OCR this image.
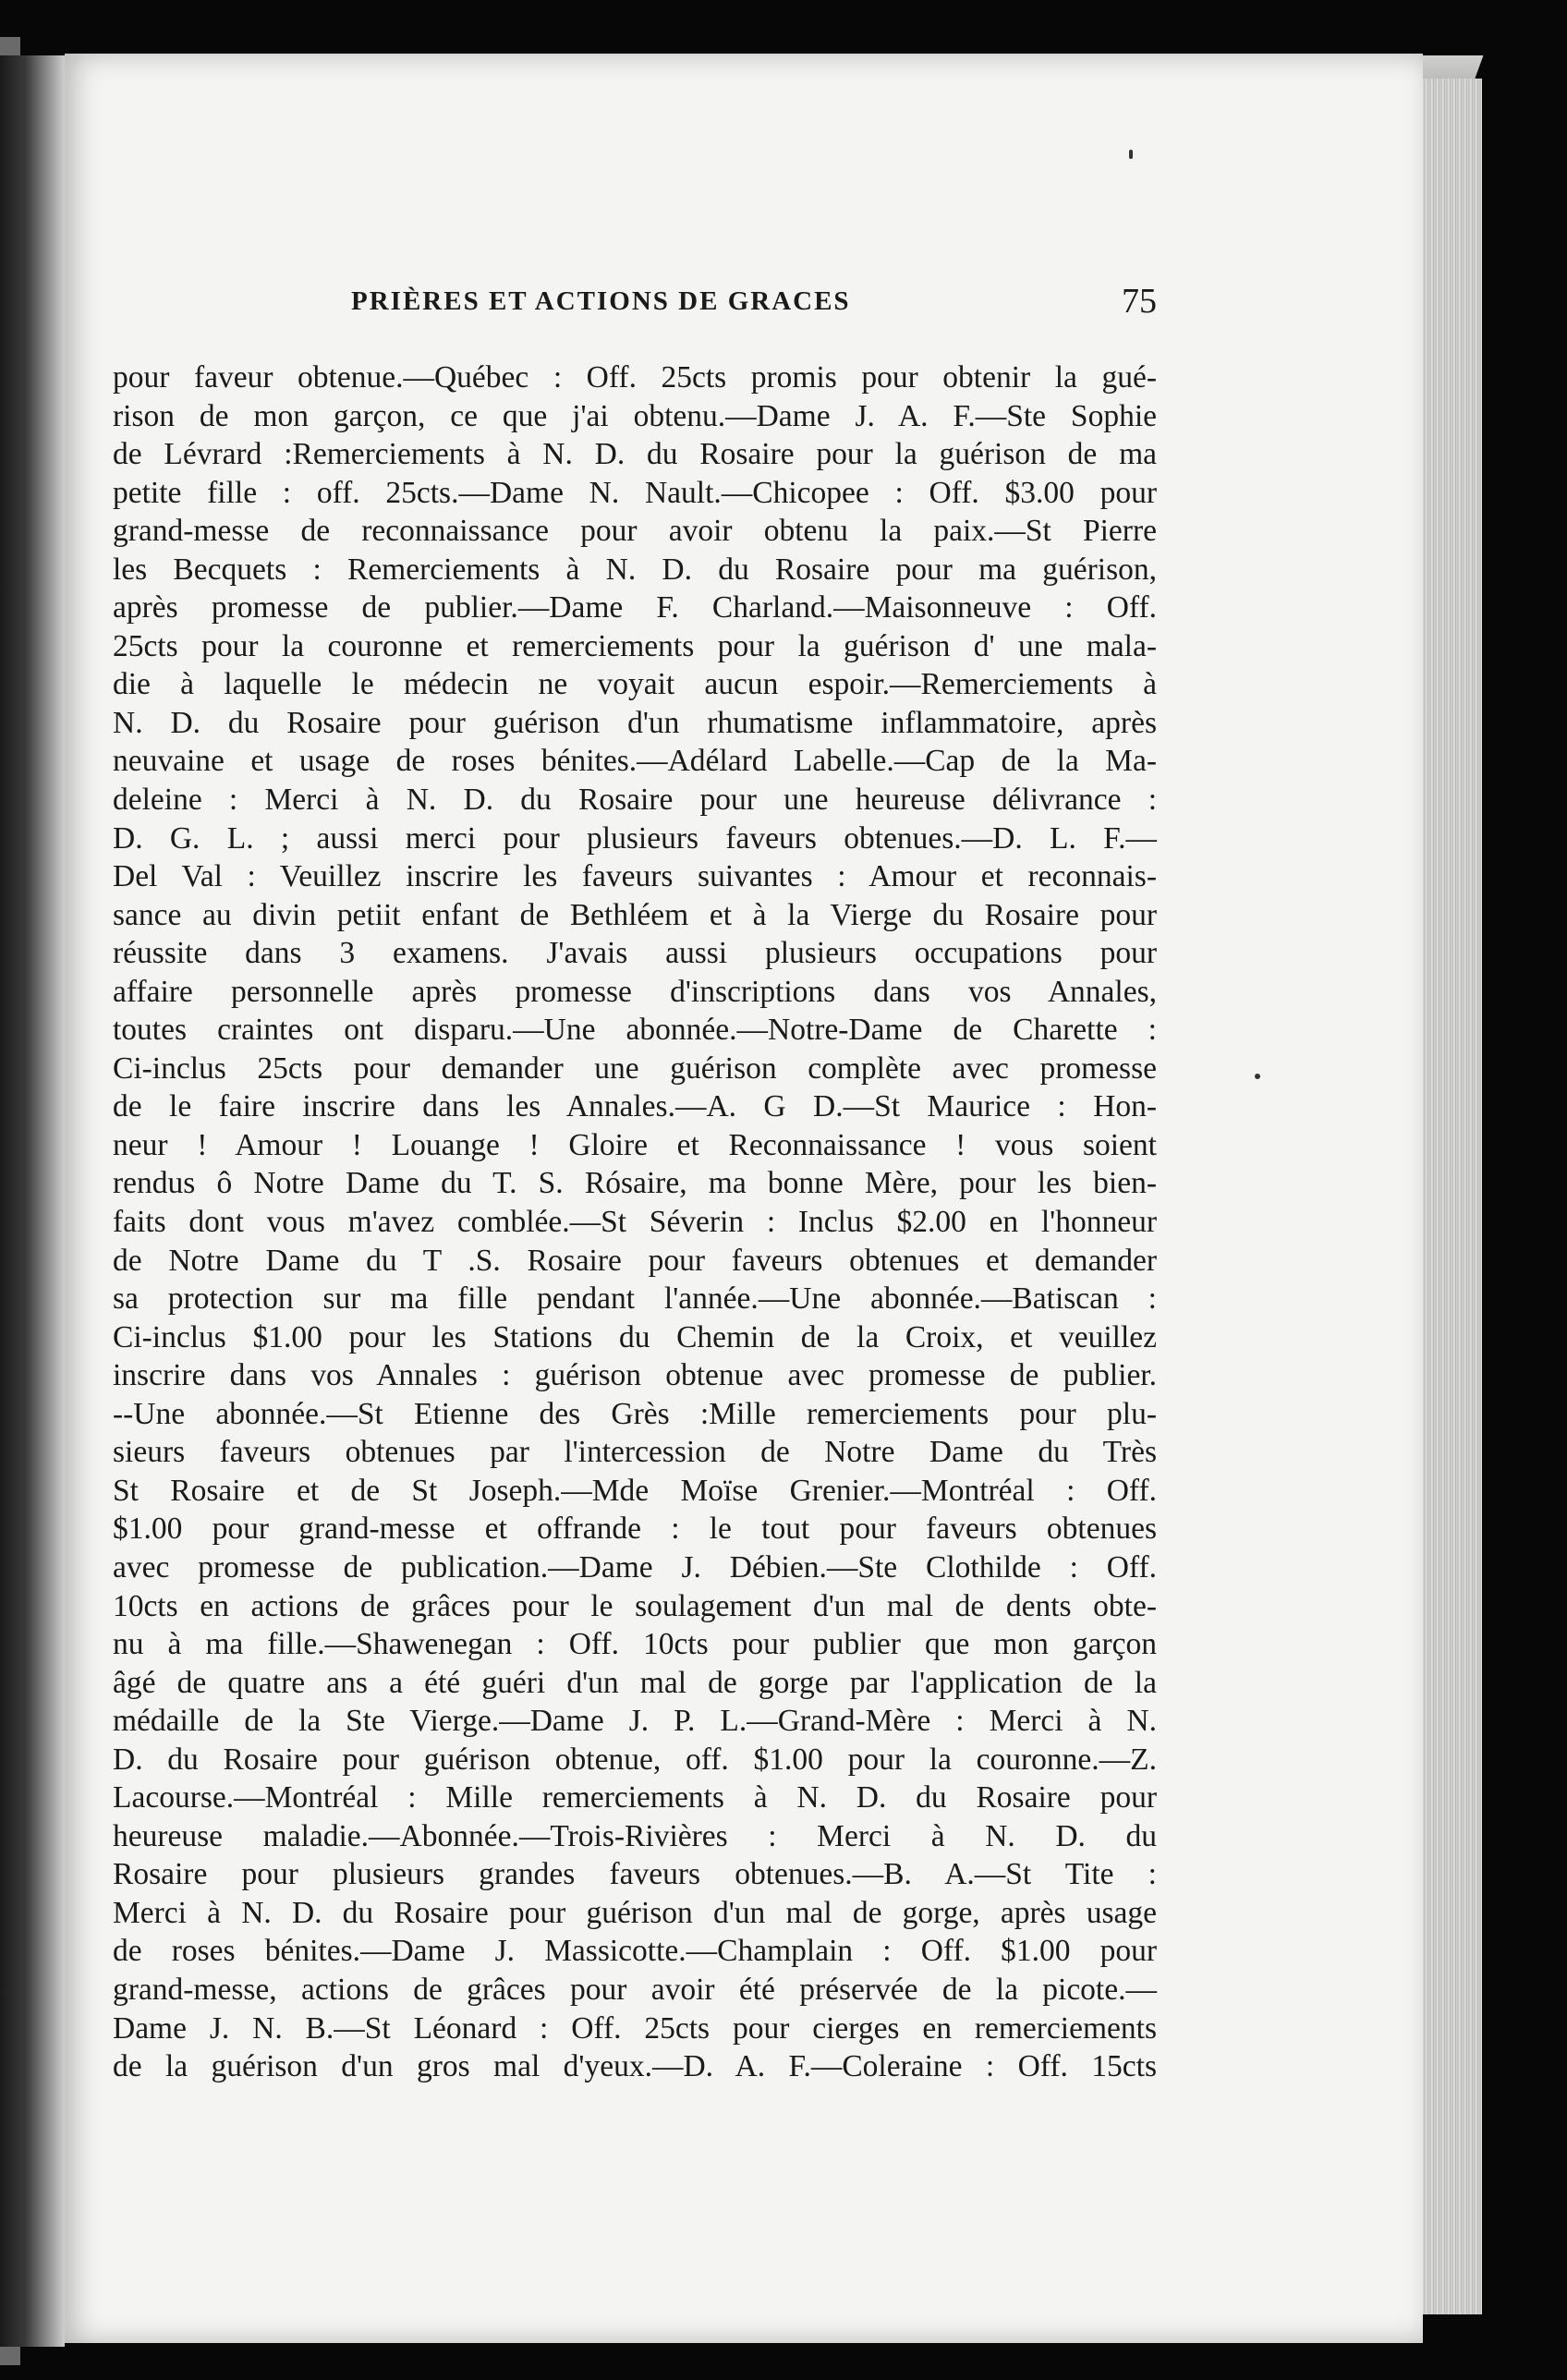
PRIÈRES ET ACTIONS DE GRACES	75
pour faveur obtenue.—Québec : Off. 25cts promis pour obtenir la gué-
rison de mon garçon, ce que j'ai obtenu.—Dame J. A. F.—Ste Sophie
de Lévrard :Remerciements à N. D. du Rosaire pour la guérison de ma
petite fille : off. 25cts.—Dame N. Nault.—Chicopee : Off. $3.00 pour
grand-messe de reconnaissance pour avoir obtenu la paix.—St Pierre
les Becquets : Remerciements à N. D. du Rosaire pour ma guérison,
après promesse de publier.—Dame F. Charland.—Maisonneuve : Off.
25cts pour la couronne et remerciements pour la guérison d' une mala-
die à laquelle le médecin ne voyait aucun espoir.—Remerciements à
N. D. du Rosaire pour guérison d'un rhumatisme inflammatoire, après
neuvaine et usage de roses bénites.—Adélard Labelle.—Cap de la Ma-
deleine : Merci à N. D. du Rosaire pour une heureuse délivrance :
D. G. L. ; aussi merci pour plusieurs faveurs obtenues.—D. L. F.—
Del Val : Veuillez inscrire les faveurs suivantes : Amour et reconnais-
sance au divin petiit enfant de Bethléem et à la Vierge du Rosaire pour
réussite dans 3 examens. J'avais aussi plusieurs occupations pour
affaire personnelle après promesse d'inscriptions dans vos Annales,
toutes craintes ont disparu.—Une abonnée.—Notre-Dame de Charette :
Ci-inclus 25cts pour demander une guérison complète avec promesse
de le faire inscrire dans les Annales.—A. G D.—St Maurice : Hon-
neur ! Amour ! Louange ! Gloire et Reconnaissance ! vous soient
rendus ô Notre Dame du T. S. Rósaire, ma bonne Mère, pour les bien-
faits dont vous m'avez comblée.—St Séverin : Inclus $2.00 en l'honneur
de Notre Dame du T .S. Rosaire pour faveurs obtenues et demander
sa protection sur ma fille pendant l'année.—Une abonnée.—Batiscan :
Ci-inclus $1.00 pour les Stations du Chemin de la Croix, et veuillez
inscrire dans vos Annales : guérison obtenue avec promesse de publier.
--Une abonnée.—St Etienne des Grès :Mille remerciements pour plu-
sieurs faveurs obtenues par l'intercession de Notre Dame du Très
St Rosaire et de St Joseph.—Mde Moïse Grenier.—Montréal : Off.
$1.00 pour grand-messe et offrande : le tout pour faveurs obtenues
avec promesse de publication.—Dame J. Débien.—Ste Clothilde : Off.
10cts en actions de grâces pour le soulagement d'un mal de dents obte-
nu à ma fille.—Shawenegan : Off. 10cts pour publier que mon garçon
âgé de quatre ans a été guéri d'un mal de gorge par l'application de la
médaille de la Ste Vierge.—Dame J. P. L.—Grand-Mère : Merci à N.
D. du Rosaire pour guérison obtenue, off. $1.00 pour la couronne.—Z.
Lacourse.—Montréal : Mille remerciements à N. D. du Rosaire pour
heureuse maladie.—Abonnée.—Trois-Rivières : Merci à N. D. du
Rosaire pour plusieurs grandes faveurs obtenues.—B. A.—St Tite :
Merci à N. D. du Rosaire pour guérison d'un mal de gorge, après usage
de roses bénites.—Dame J. Massicotte.—Champlain : Off. $1.00 pour
grand-messe, actions de grâces pour avoir été préservée de la picote.—
Dame J. N. B.—St Léonard : Off. 25cts pour cierges en remerciements
de la guérison d'un gros mal d'yeux.—D. A. F.—Coleraine : Off. 15cts
